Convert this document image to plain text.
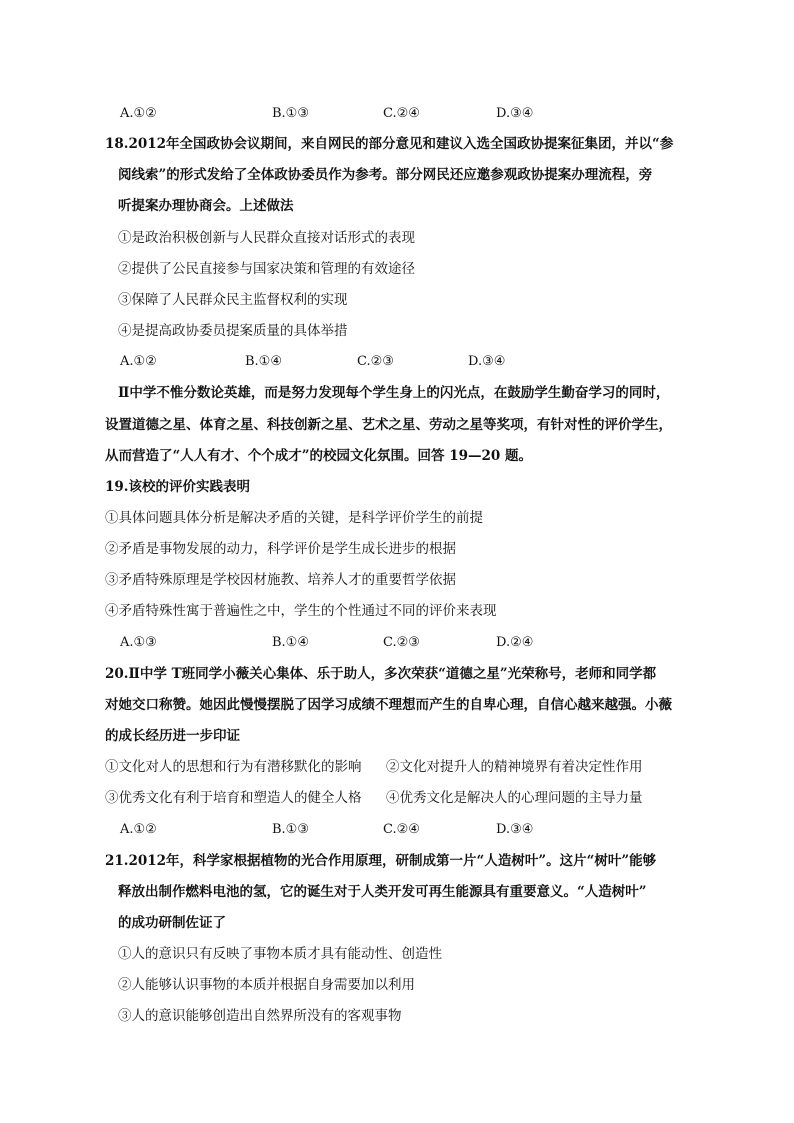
A.①②	B.①③	C.②④	D.③④
18.2012年全国政协会议期间，来自网民的部分意见和建议入选全国政协提案征集团，并以“参
阅线索”的形式发给了全体政协委员作为参考。部分网民还应邀参观政协提案办理流程，旁
听提案办理协商会。上述做法
①是政治积极创新与人民群众直接对话形式的表现
②提供了公民直接参与国家决策和管理的有效途径
③保障了人民群众民主监督权利的实现
④是提高政协委员提案质量的具体举措
A.①②	B.①④	C.②③	D.③④
Ⅱ中学不惟分数论英雄，而是努力发现每个学生身上的闪光点，在鼓励学生勤奋学习的同时，
设置道德之星、体育之星、科技创新之星、艺术之星、劳动之星等奖项，有针对性的评价学生，
从而营造了“人人有才、个个成才”的校园文化氛围。回答 19—20 题。
19.该校的评价实践表明
①具体问题具体分析是解决矛盾的关键，是科学评价学生的前提
②矛盾是事物发展的动力，科学评价是学生成长进步的根据
③矛盾特殊原理是学校因材施教、培养人才的重要哲学依据
④矛盾特殊性寓于普遍性之中，学生的个性通过不同的评价来表现
A.①③	B.①④	C.②③	D.②④
20.Ⅱ中学 T班同学小薇关心集体、乐于助人，多次荣获“道德之星”光荣称号，老师和同学都
对她交口称赞。她因此慢慢摆脱了因学习成绩不理想而产生的自卑心理，自信心越来越强。小薇
的成长经历进一步印证
①文化对人的思想和行为有潜移默化的影响 ②文化对提升人的精神境界有着决定性作用
③优秀文化有利于培育和塑造人的健全人格 ④优秀文化是解决人的心理问题的主导力量
A.①②	B.①③	C.②④	D.③④
21.2012年，科学家根据植物的光合作用原理，研制成第一片“人造树叶”。这片“树叶”能够
释放出制作燃料电池的氢，它的诞生对于人类开发可再生能源具有重要意义。“人造树叶”
的成功研制佐证了
①人的意识只有反映了事物本质才具有能动性、创造性
②人能够认识事物的本质并根据自身需要加以利用
③人的意识能够创造出自然界所没有的客观事物
